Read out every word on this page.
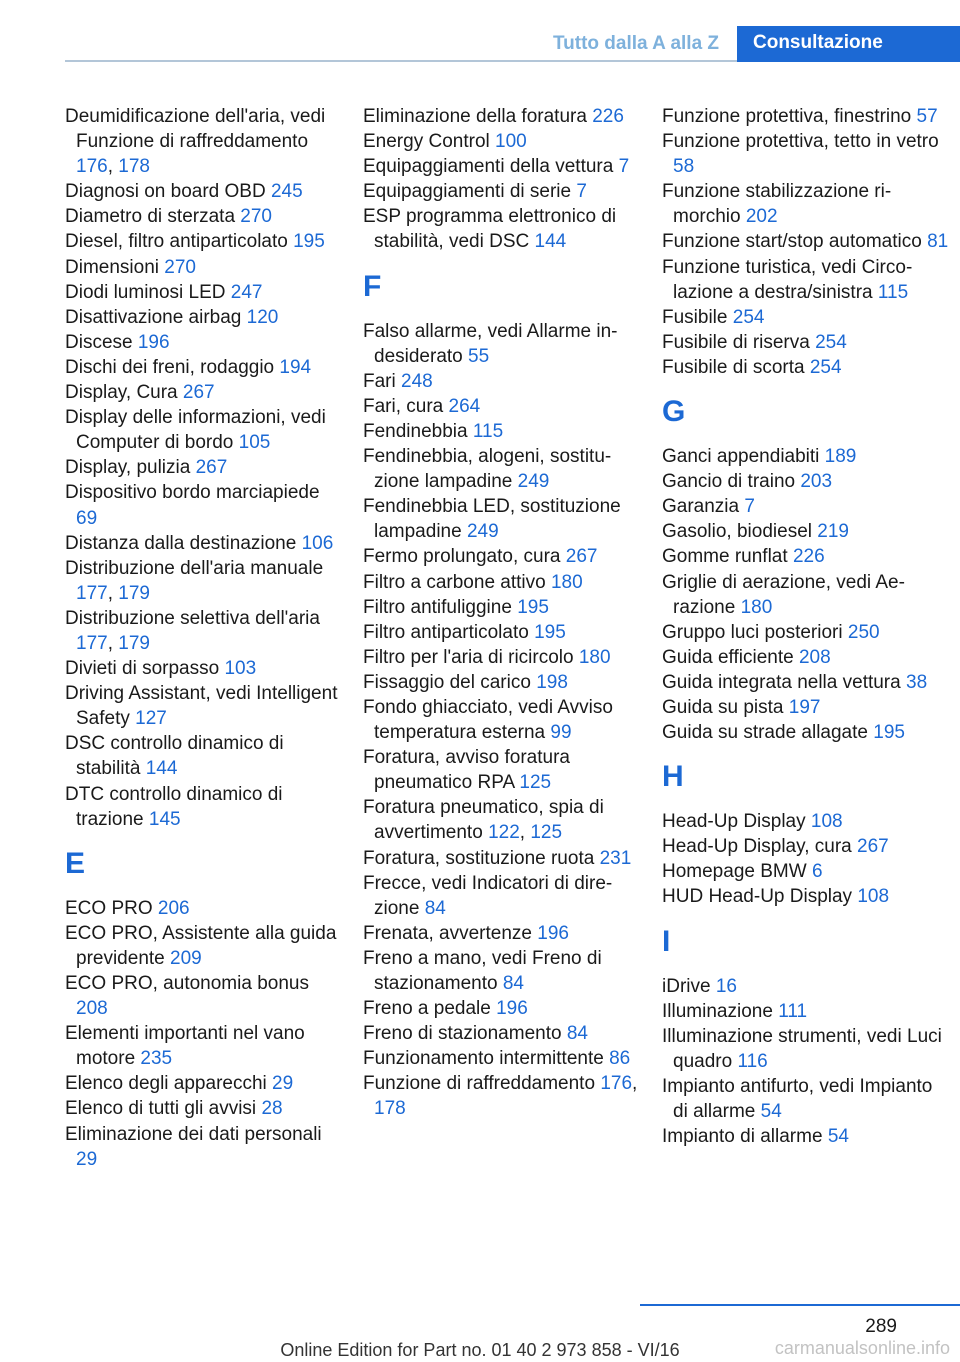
Tutto dalla A alla Z	Consultazione
Deumidificazione dell'aria, vedi Funzione di raffreddamento 176, 178
Diagnosi on board OBD 245
Diametro di sterzata 270
Diesel, filtro antiparticolato 195
Dimensioni 270
Diodi luminosi LED 247
Disattivazione airbag 120
Discese 196
Dischi dei freni, rodaggio 194
Display, Cura 267
Display delle informazioni, vedi Computer di bordo 105
Display, pulizia 267
Dispositivo bordo marciapiede 69
Distanza dalla destinazione 106
Distribuzione dell'aria manuale 177, 179
Distribuzione selettiva dell'aria 177, 179
Divieti di sorpasso 103
Driving Assistant, vedi Intelligent Safety 127
DSC controllo dinamico di stabilità 144
DTC controllo dinamico di trazione 145
E
ECO PRO 206
ECO PRO, Assistente alla guida previdente 209
ECO PRO, autonomia bonus 208
Elementi importanti nel vano motore 235
Elenco degli apparecchi 29
Elenco di tutti gli avvisi 28
Eliminazione dei dati personali 29
Eliminazione della foratura 226
Energy Control 100
Equipaggiamenti della vettura 7
Equipaggiamenti di serie 7
ESP programma elettronico di stabilità, vedi DSC 144
F
Falso allarme, vedi Allarme indesiderato 55
Fari 248
Fari, cura 264
Fendinebbia 115
Fendinebbia, alogeni, sostituzione lampadine 249
Fendinebbia LED, sostituzione lampadine 249
Fermo prolungato, cura 267
Filtro a carbone attivo 180
Filtro antifuliggine 195
Filtro antiparticolato 195
Filtro per l'aria di ricircolo 180
Fissaggio del carico 198
Fondo ghiacciato, vedi Avviso temperatura esterna 99
Foratura, avviso foratura pneumatico RPA 125
Foratura pneumatico, spia di avvertimento 122, 125
Foratura, sostituzione ruota 231
Frecce, vedi Indicatori di direzione 84
Frenata, avvertenze 196
Freno a mano, vedi Freno di stazionamento 84
Freno a pedale 196
Freno di stazionamento 84
Funzionamento intermittente 86
Funzione di raffreddamento 176, 178
Funzione protettiva, finestrino 57
Funzione protettiva, tetto in vetro 58
Funzione stabilizzazione rimorchio 202
Funzione start/stop automatico 81
Funzione turistica, vedi Circolazione a destra/sinistra 115
Fusibile 254
Fusibile di riserva 254
Fusibile di scorta 254
G
Ganci appendiabiti 189
Gancio di traino 203
Garanzia 7
Gasolio, biodiesel 219
Gomme runflat 226
Griglie di aerazione, vedi Aerazione 180
Gruppo luci posteriori 250
Guida efficiente 208
Guida integrata nella vettura 38
Guida su pista 197
Guida su strade allagate 195
H
Head-Up Display 108
Head-Up Display, cura 267
Homepage BMW 6
HUD Head-Up Display 108
I
iDrive 16
Illuminazione 111
Illuminazione strumenti, vedi Luci quadro 116
Impianto antifurto, vedi Impianto di allarme 54
Impianto di allarme 54
289
Online Edition for Part no. 01 40 2 973 858 - VI/16	carmanualsonline.info
